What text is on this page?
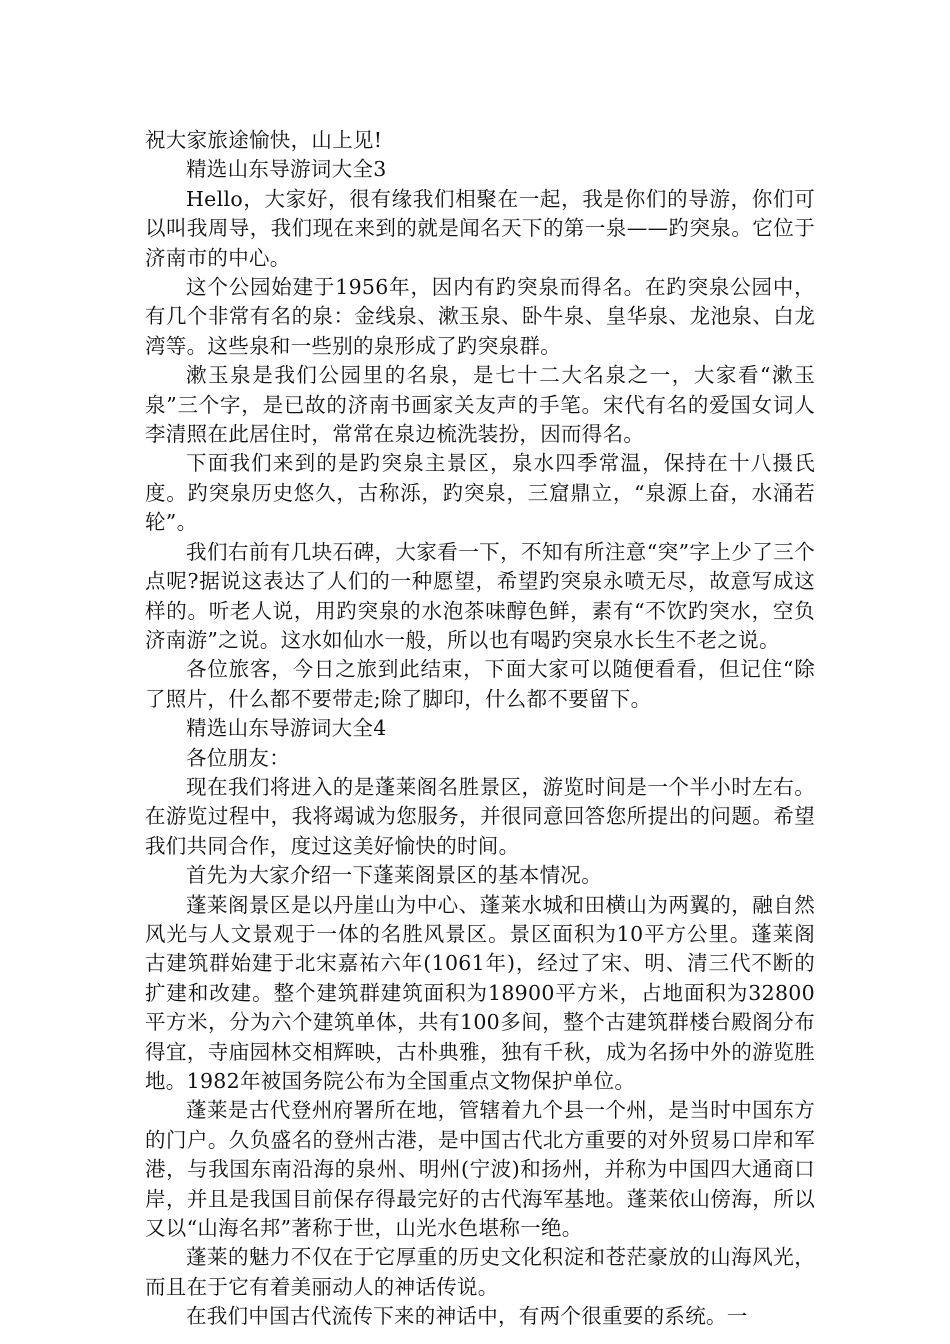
祝大家旅途愉快，山上见!

精选山东导游词大全3

Hello，大家好，很有缘我们相聚在一起，我是你们的导游，你们可以叫我周导，我们现在来到的就是闻名天下的第一泉——趵突泉。它位于济南市的中心。

这个公园始建于1956年，因内有趵突泉而得名。在趵突泉公园中，有几个非常有名的泉：金线泉、漱玉泉、卧牛泉、皇华泉、龙池泉、白龙湾等。这些泉和一些别的泉形成了趵突泉群。

漱玉泉是我们公园里的名泉，是七十二大名泉之一，大家看“漱玉泉”三个字，是已故的济南书画家关友声的手笔。宋代有名的爱国女词人李清照在此居住时，常常在泉边梳洗装扮，因而得名。

下面我们来到的是趵突泉主景区，泉水四季常温，保持在十八摄氏度。趵突泉历史悠久，古称泺，趵突泉，三窟鼎立，“泉源上奋，水涌若轮”。

我们右前有几块石碑，大家看一下，不知有所注意“突”字上少了三个点呢?据说这表达了人们的一种愿望，希望趵突泉永喷无尽，故意写成这样的。听老人说，用趵突泉的水泡茶味醇色鲜，素有“不饮趵突水，空负济南游”之说。这水如仙水一般，所以也有喝趵突泉水长生不老之说。

各位旅客，今日之旅到此结束，下面大家可以随便看看，但记住“除了照片，什么都不要带走;除了脚印，什么都不要留下。

精选山东导游词大全4

各位朋友：

现在我们将进入的是蓬莱阁名胜景区，游览时间是一个半小时左右。在游览过程中，我将竭诚为您服务，并很同意回答您所提出的问题。希望我们共同合作，度过这美好愉快的时间。

首先为大家介绍一下蓬莱阁景区的基本情况。

蓬莱阁景区是以丹崖山为中心、蓬莱水城和田横山为两翼的，融自然风光与人文景观于一体的名胜风景区。景区面积为10平方公里。蓬莱阁古建筑群始建于北宋嘉祐六年(1061年)，经过了宋、明、清三代不断的扩建和改建。整个建筑群建筑面积为18900平方米，占地面积为32800平方米，分为六个建筑单体，共有100多间，整个古建筑群楼台殿阁分布得宜，寺庙园林交相辉映，古朴典雅，独有千秋，成为名扬中外的游览胜地。1982年被国务院公布为全国重点文物保护单位。

蓬莱是古代登州府署所在地，管辖着九个县一个州，是当时中国东方的门户。久负盛名的登州古港，是中国古代北方重要的对外贸易口岸和军港，与我国东南沿海的泉州、明州(宁波)和扬州，并称为中国四大通商口岸，并且是我国目前保存得最完好的古代海军基地。蓬莱依山傍海，所以又以“山海名邦”著称于世，山光水色堪称一绝。

蓬莱的魅力不仅在于它厚重的历史文化积淀和苍茫豪放的山海风光，而且在于它有着美丽动人的神话传说。

在我们中国古代流传下来的神话中，有两个很重要的系统。一
